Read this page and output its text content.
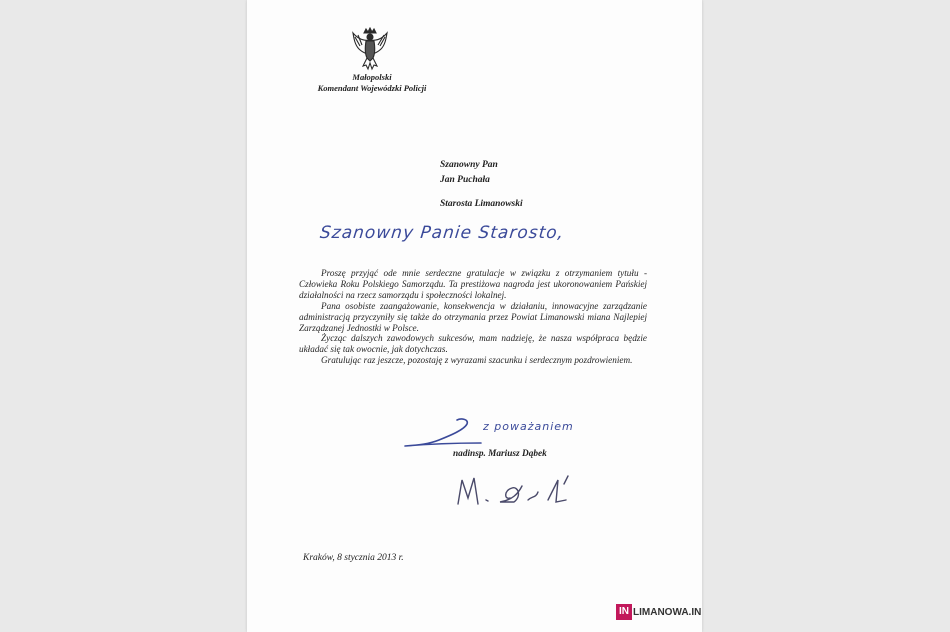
Małopolski
Komendant Wojewódzki Policji
Szanowny Pan
Jan Puchała
Starosta Limanowski
Szanowny Panie Starosto,

Proszę przyjąć ode mnie serdeczne gratulacje w związku z otrzymaniem tytułu - Człowieka Roku Polskiego Samorządu. Ta prestiżowa nagroda jest ukoronowaniem Pańskiej działalności na rzecz samorządu i społeczności lokalnej.

Pana osobiste zaangażowanie, konsekwencja w działaniu, innowacyjne zarządzanie administracją przyczyniły się także do otrzymania przez Powiat Limanowski miana Najlepiej Zarządzanej Jednostki w Polsce.

Życząc dalszych zawodowych sukcesów, mam nadzieję, że nasza współpraca będzie układać się tak owocnie, jak dotychczas.

Gratulując raz jeszcze, pozostaję z wyrazami szacunku i serdecznym pozdrowieniem.

z poważaniem
nadinsp. Mariusz Dąbek
Kraków, 8 stycznia 2013 r.
IN LIMANOWA.IN
